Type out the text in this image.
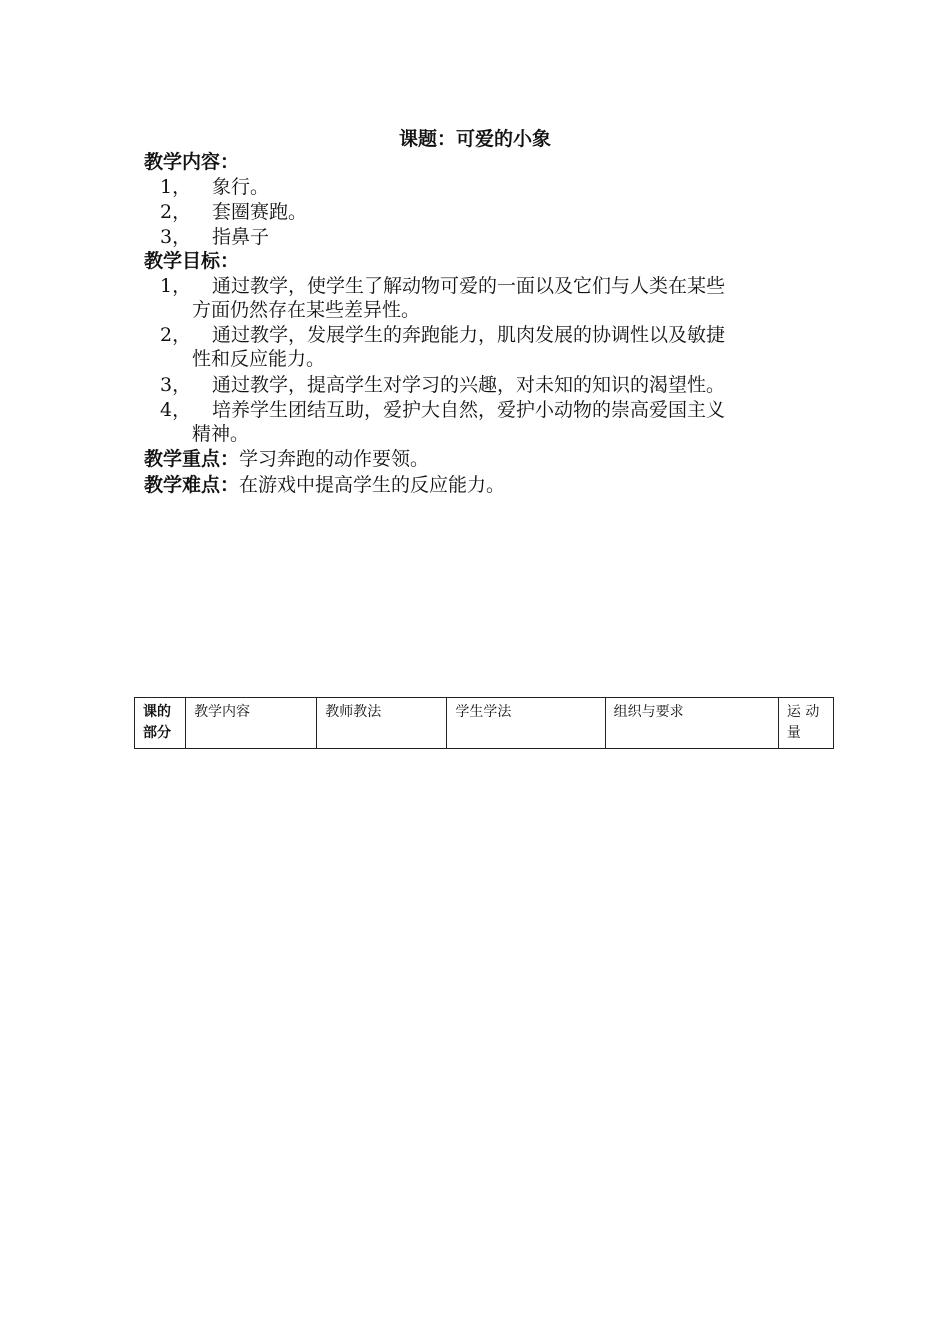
课题：可爱的小象
教学内容：
1， 象行。
2， 套圈赛跑。
3， 指鼻子
教学目标：
1， 通过教学，使学生了解动物可爱的一面以及它们与人类在某些
方面仍然存在某些差异性。
2， 通过教学，发展学生的奔跑能力，肌肉发展的协调性以及敏捷
性和反应能力。
3， 通过教学，提高学生对学习的兴趣，对未知的知识的渴望性。
4， 培养学生团结互助，爱护大自然，爱护小动物的崇高爱国主义
精神。
教学重点：学习奔跑的动作要领。
教学难点：在游戏中提高学生的反应能力。
课的部分	教学内容	教师教法	学生学法	组织与要求	运 动量
